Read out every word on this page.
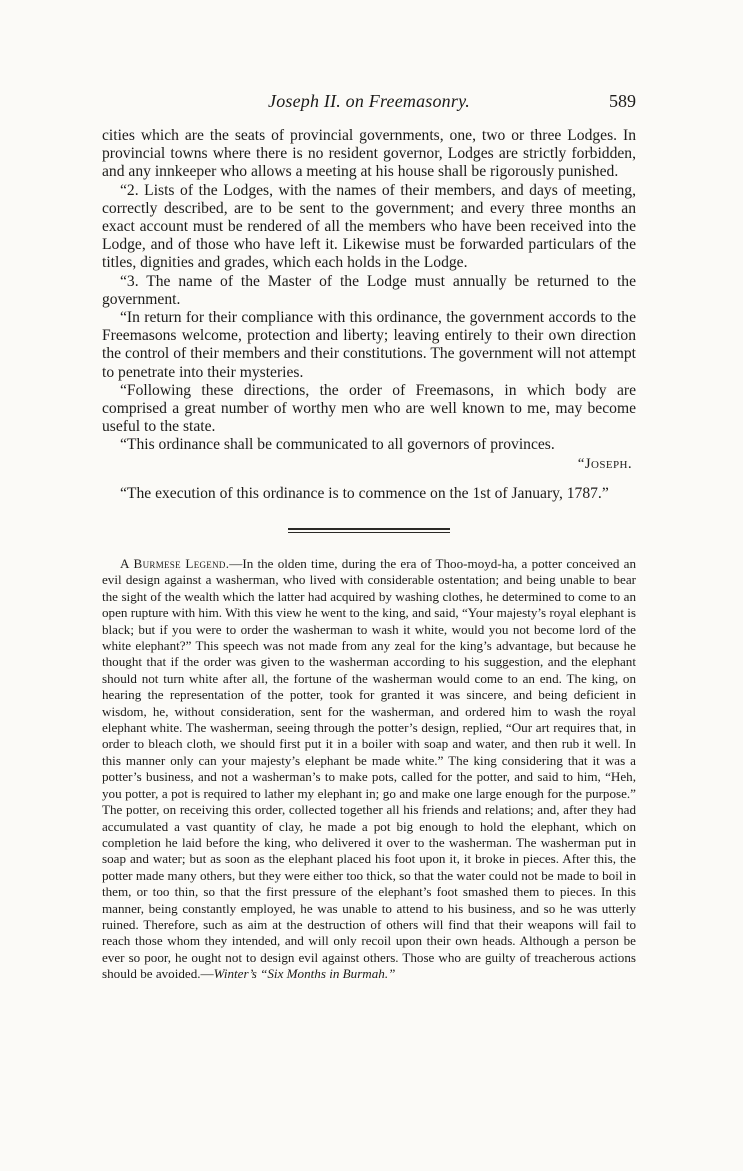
Joseph II. on Freemasonry.	589

cities which are the seats of provincial governments, one, two or three Lodges. In provincial towns where there is no resident governor, Lodges are strictly forbidden, and any innkeeper who allows a meeting at his house shall be rigorously punished.

“2. Lists of the Lodges, with the names of their members, and days of meeting, correctly described, are to be sent to the government; and every three months an exact account must be rendered of all the members who have been received into the Lodge, and of those who have left it. Likewise must be forwarded particulars of the titles, dignities and grades, which each holds in the Lodge.

“3. The name of the Master of the Lodge must annually be returned to the government.

“In return for their compliance with this ordinance, the government accords to the Freemasons welcome, protection and liberty; leaving entirely to their own direction the control of their members and their constitutions. The government will not attempt to penetrate into their mysteries.

“Following these directions, the order of Freemasons, in which body are comprised a great number of worthy men who are well known to me, may become useful to the state.

“This ordinance shall be communicated to all governors of provinces.

“Joseph.

“The execution of this ordinance is to commence on the 1st of January, 1787.”

A Burmese Legend.—In the olden time, during the era of Thoo-moyd-ha, a potter conceived an evil design against a washerman, who lived with considerable ostentation; and being unable to bear the sight of the wealth which the latter had acquired by washing clothes, he determined to come to an open rupture with him. With this view he went to the king, and said, “Your majesty’s royal elephant is black; but if you were to order the washerman to wash it white, would you not become lord of the white elephant?” This speech was not made from any zeal for the king’s advantage, but because he thought that if the order was given to the washerman according to his suggestion, and the elephant should not turn white after all, the fortune of the washerman would come to an end. The king, on hearing the representation of the potter, took for granted it was sincere, and being deficient in wisdom, he, without consideration, sent for the washerman, and ordered him to wash the royal elephant white. The washerman, seeing through the potter’s design, replied, “Our art requires that, in order to bleach cloth, we should first put it in a boiler with soap and water, and then rub it well. In this manner only can your majesty’s elephant be made white.” The king considering that it was a potter’s business, and not a washerman’s to make pots, called for the potter, and said to him, “Heh, you potter, a pot is required to lather my elephant in; go and make one large enough for the purpose.” The potter, on receiving this order, collected together all his friends and relations; and, after they had accumulated a vast quantity of clay, he made a pot big enough to hold the elephant, which on completion he laid before the king, who delivered it over to the washerman. The washerman put in soap and water; but as soon as the elephant placed his foot upon it, it broke in pieces. After this, the potter made many others, but they were either too thick, so that the water could not be made to boil in them, or too thin, so that the first pressure of the elephant’s foot smashed them to pieces. In this manner, being constantly employed, he was unable to attend to his business, and so he was utterly ruined. Therefore, such as aim at the destruction of others will find that their weapons will fail to reach those whom they intended, and will only recoil upon their own heads. Although a person be ever so poor, he ought not to design evil against others. Those who are guilty of treacherous actions should be avoided.—Winter’s “Six Months in Burmah.”
